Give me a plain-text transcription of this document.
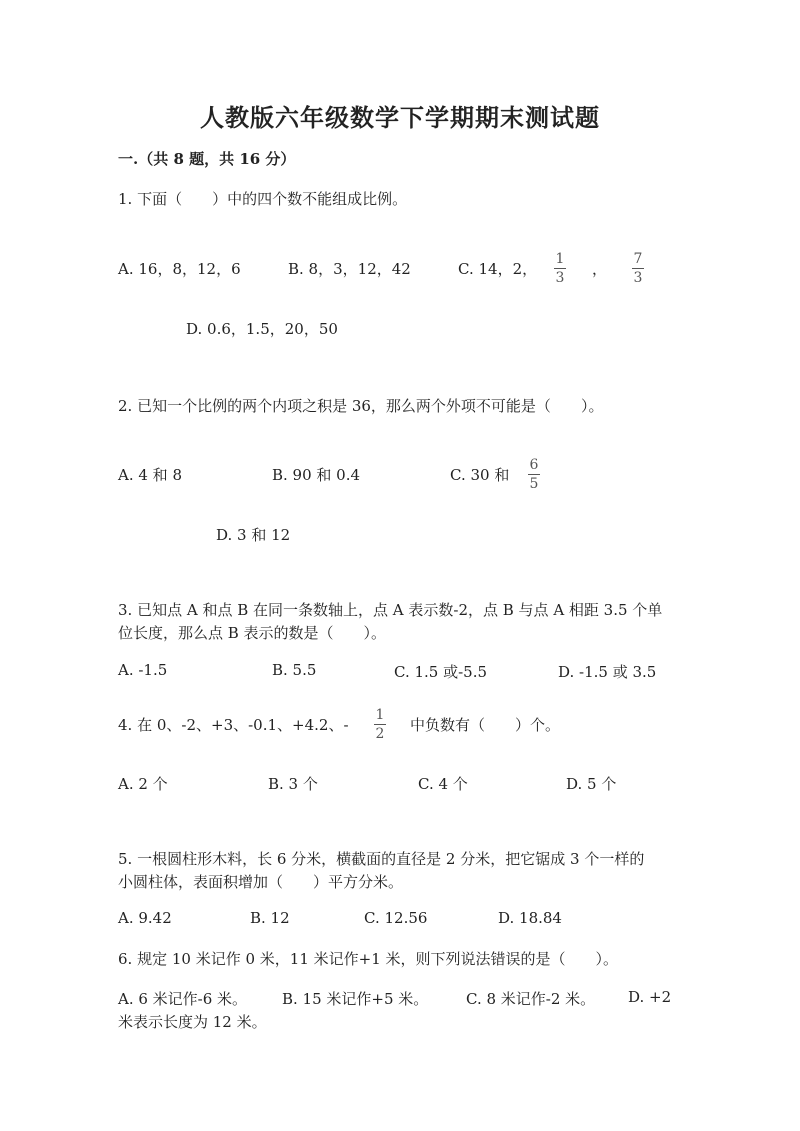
人教版六年级数学下学期期末测试题
一.（共 8 题，共 16 分）
1. 下面（　　）中的四个数不能组成比例。
A. 16，8，12，6	B. 8，3，12，42	C. 14，2，
1
3 ，
7
3
D. 0.6，1.5，20，50
2. 已知一个比例的两个内项之积是 36，那么两个外项不可能是（　　）。
A. 4 和 8	B. 90 和 0.4	C. 30 和
6
5
D. 3 和 12
3. 已知点 A 和点 B 在同一条数轴上，点 A 表示数-2，点 B 与点 A 相距 3.5 个单
位长度，那么点 B 表示的数是（　　）。
A. -1.5	B. 5.5	C. 1.5 或-5.5	D. -1.5 或 3.5
4. 在 0、-2、+3、-0.1、+4.2、-
1
2 中负数有（　　）个。
A. 2 个	B. 3 个	C. 4 个	D. 5 个
5. 一根圆柱形木料，长 6 分米，横截面的直径是 2 分米，把它锯成 3 个一样的
小圆柱体，表面积增加（　　）平方分米。
A. 9.42	B. 12	C. 12.56	D. 18.84
6. 规定 10 米记作 0 米，11 米记作+1 米，则下列说法错误的是（　　）。
A. 6 米记作-6 米。 B. 15 米记作+5 米。	C. 8 米记作-2 米。 D. +2
米表示长度为 12 米。
